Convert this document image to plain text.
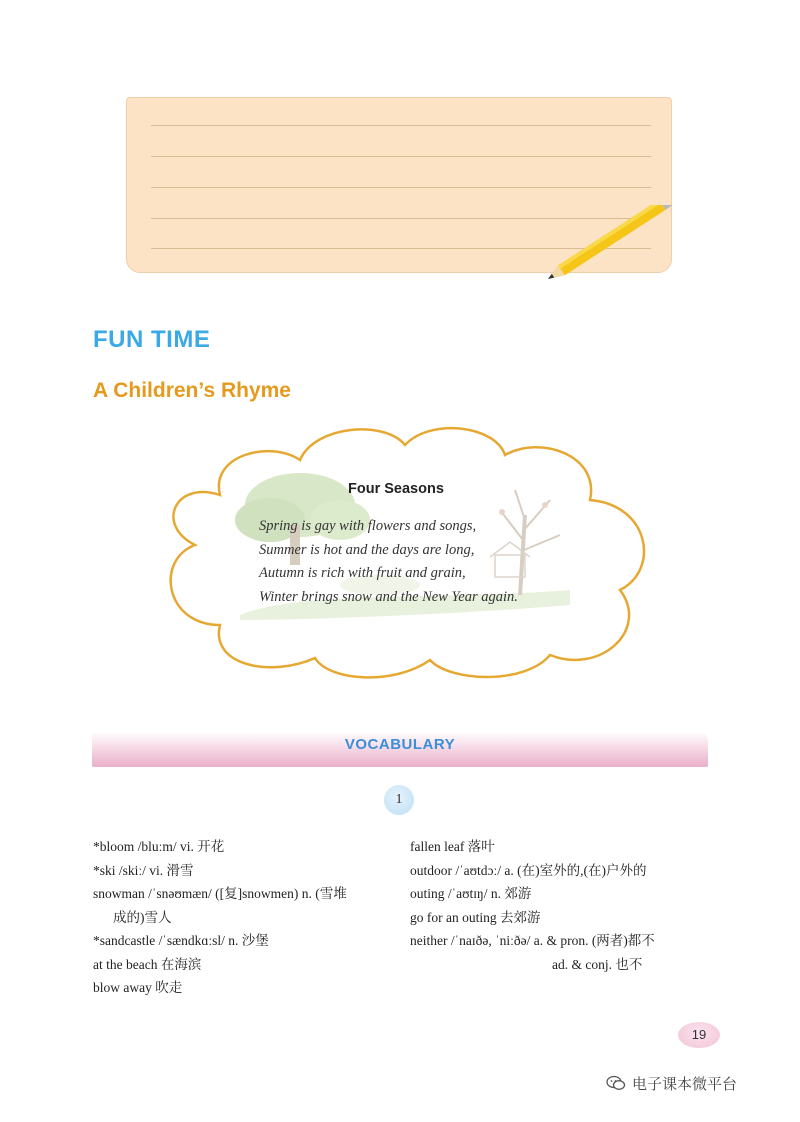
FUN TIME
A Children’s Rhyme
Four Seasons
Spring is gay with flowers and songs,
Summer is hot and the days are long,
Autumn is rich with fruit and grain,
Winter brings snow and the New Year again.
VOCABULARY
1
*bloom /bluːm/ vi. 开花
*ski /skiː/ vi. 滑雪
snowman /ˈsnəʊmæn/ ([复]snowmen) n. (雪堆
成的)雪人
*sandcastle /ˈsændkɑːsl/ n. 沙堡
at the beach 在海滨
blow away 吹走
fallen leaf 落叶
outdoor /ˈaʊtdɔː/ a. (在)室外的,(在)户外的
outing /ˈaʊtɪŋ/ n. 郊游
go for an outing 去郊游
neither /ˈnaɪðə, ˈniːðə/ a. & pron. (两者)都不
ad. & conj. 也不
19
电子课本微平台
